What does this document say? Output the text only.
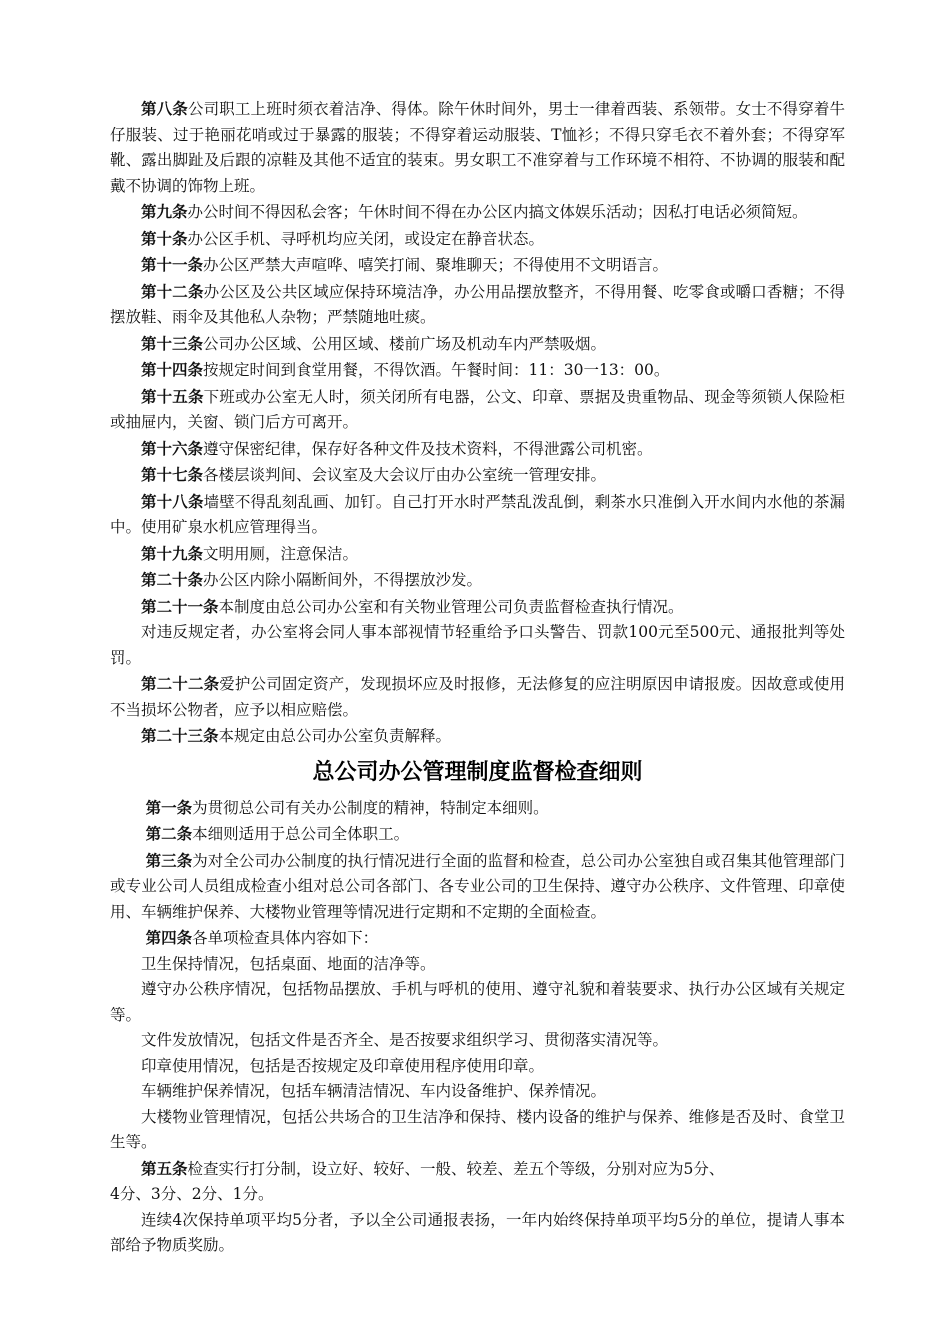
第八条公司职工上班时须衣着洁净、得体。除午休时间外，男士一律着西装、系领带。女士不得穿着牛仔服装、过于艳丽花哨或过于暴露的服装；不得穿着运动服装、T恤衫；不得只穿毛衣不着外套；不得穿军靴、露出脚趾及后跟的凉鞋及其他不适宜的装束。男女职工不准穿着与工作环境不相符、不协调的服装和配戴不协调的饰物上班。

第九条办公时间不得因私会客；午休时间不得在办公区内搞文体娱乐活动；因私打电话必须简短。

第十条办公区手机、寻呼机均应关闭，或设定在静音状态。

第十一条办公区严禁大声喧哗、嘻笑打闹、聚堆聊天；不得使用不文明语言。

第十二条办公区及公共区域应保持环境洁净，办公用品摆放整齐，不得用餐、吃零食或嚼口香糖；不得摆放鞋、雨伞及其他私人杂物；严禁随地吐痰。

第十三条公司办公区域、公用区域、楼前广场及机动车内严禁吸烟。

第十四条按规定时间到食堂用餐，不得饮酒。午餐时间：11：30一13：00。

第十五条下班或办公室无人时，须关闭所有电器，公文、印章、票据及贵重物品、现金等须锁人保险柜或抽屉内，关窗、锁门后方可离开。

第十六条遵守保密纪律，保存好各种文件及技术资料，不得泄露公司机密。

第十七条各楼层谈判间、会议室及大会议厅由办公室统一管理安排。

第十八条墙壁不得乱刻乱画、加钉。自己打开水时严禁乱泼乱倒，剩茶水只准倒入开水间内水他的茶漏中。使用矿泉水机应管理得当。

第十九条文明用厕，注意保洁。

第二十条办公区内除小隔断间外，不得摆放沙发。

第二十一条本制度由总公司办公室和有关物业管理公司负责监督检查执行情况。

对违反规定者，办公室将会同人事本部视情节轻重给予口头警告、罚款100元至500元、通报批判等处罚。

第二十二条爱护公司固定资产，发现损坏应及时报修，无法修复的应注明原因申请报废。因故意或使用不当损坏公物者，应予以相应赔偿。

第二十三条本规定由总公司办公室负责解释。

总公司办公管理制度监督检查细则

第一条为贯彻总公司有关办公制度的精神，特制定本细则。

第二条本细则适用于总公司全体职工。

第三条为对全公司办公制度的执行情况进行全面的监督和检查，总公司办公室独自或召集其他管理部门或专业公司人员组成检查小组对总公司各部门、各专业公司的卫生保持、遵守办公秩序、文件管理、印章使用、车辆维护保养、大楼物业管理等情况进行定期和不定期的全面检查。

第四条各单项检查具体内容如下：

卫生保持情况，包括桌面、地面的洁净等。

遵守办公秩序情况，包括物品摆放、手机与呼机的使用、遵守礼貌和着装要求、执行办公区域有关规定等。

文件发放情况，包括文件是否齐全、是否按要求组织学习、贯彻落实清况等。

印章使用情况，包括是否按规定及印章使用程序使用印章。

车辆维护保养情况，包括车辆清洁情况、车内设备维护、保养情况。

大楼物业管理情况，包括公共场合的卫生洁净和保持、楼内设备的维护与保养、维修是否及时、食堂卫生等。

第五条检查实行打分制，设立好、较好、一般、较差、差五个等级，分别对应为5分、

4分、3分、2分、1分。

连续4次保持单项平均5分者，予以全公司通报表扬，一年内始终保持单项平均5分的单位，提请人事本部给予物质奖励。
